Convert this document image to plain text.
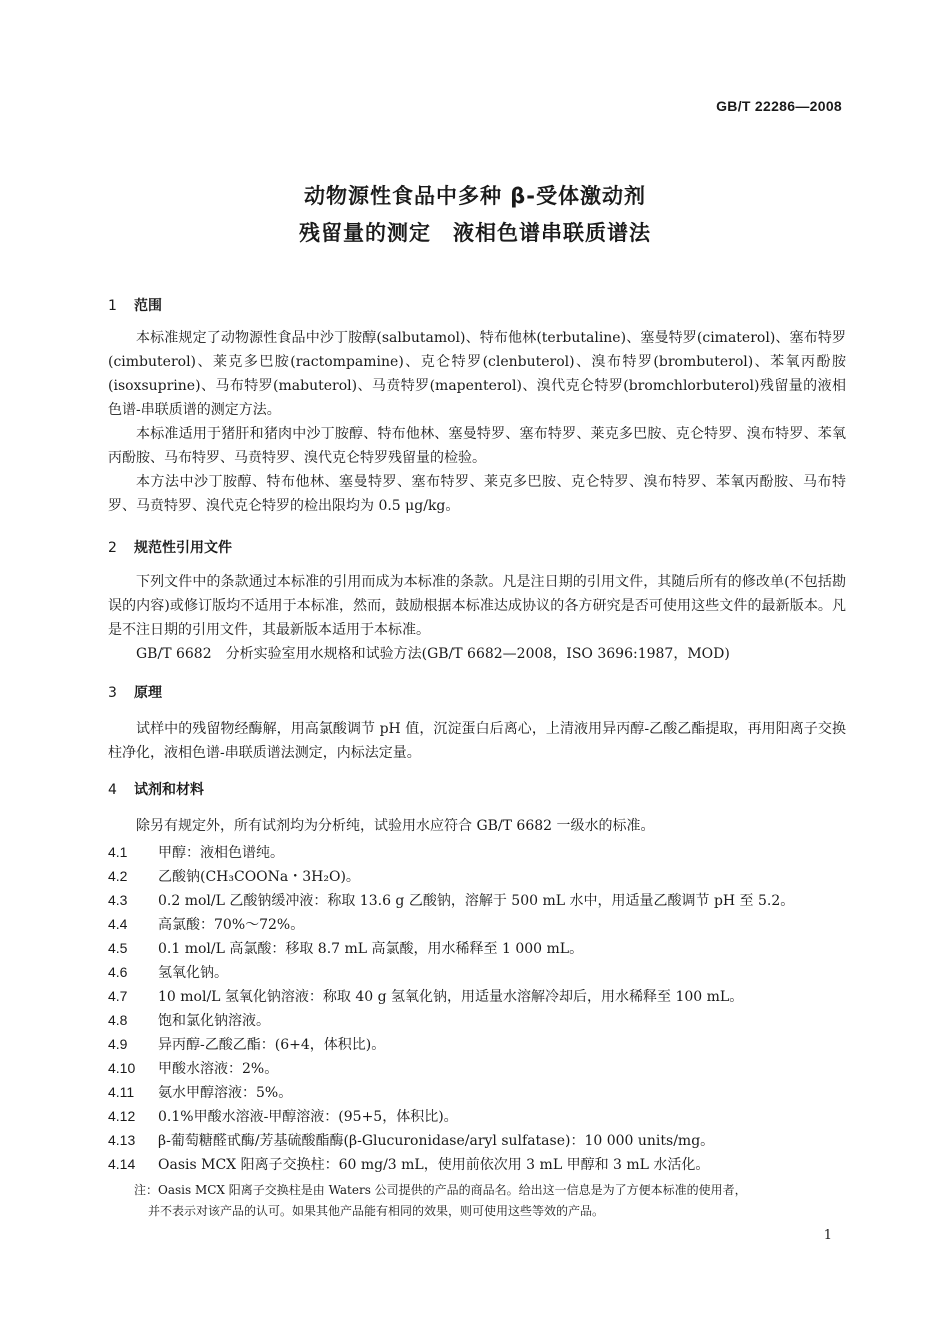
GB/T 22286—2008
动物源性食品中多种 β-受体激动剂
残留量的测定　液相色谱串联质谱法
1 范围

本标准规定了动物源性食品中沙丁胺醇(salbutamol)、特布他林(terbutaline)、塞曼特罗(cimaterol)、塞布特罗(cimbuterol)、莱克多巴胺(ractompamine)、克仑特罗(clenbuterol)、溴布特罗(brombuterol)、苯氧丙酚胺(isoxsuprine)、马布特罗(mabuterol)、马贲特罗(mapenterol)、溴代克仑特罗(bromchlorbuterol)残留量的液相色谱-串联质谱的测定方法。

本标准适用于猪肝和猪肉中沙丁胺醇、特布他林、塞曼特罗、塞布特罗、莱克多巴胺、克仑特罗、溴布特罗、苯氧丙酚胺、马布特罗、马贲特罗、溴代克仑特罗残留量的检验。

本方法中沙丁胺醇、特布他林、塞曼特罗、塞布特罗、莱克多巴胺、克仑特罗、溴布特罗、苯氧丙酚胺、马布特罗、马贲特罗、溴代克仑特罗的检出限均为 0.5 μg/kg。

2 规范性引用文件

下列文件中的条款通过本标准的引用而成为本标准的条款。凡是注日期的引用文件，其随后所有的修改单(不包括勘误的内容)或修订版均不适用于本标准，然而，鼓励根据本标准达成协议的各方研究是否可使用这些文件的最新版本。凡是不注日期的引用文件，其最新版本适用于本标准。

GB/T 6682　分析实验室用水规格和试验方法(GB/T 6682—2008，ISO 3696:1987，MOD)

3 原理

试样中的残留物经酶解，用高氯酸调节 pH 值，沉淀蛋白后离心，上清液用异丙醇-乙酸乙酯提取，再用阳离子交换柱净化，液相色谱-串联质谱法测定，内标法定量。

4 试剂和材料

除另有规定外，所有试剂均为分析纯，试验用水应符合 GB/T 6682 一级水的标准。

4.1 甲醇：液相色谱纯。
4.2 乙酸钠(CH₃COONa・3H₂O)。
4.3 0.2 mol/L 乙酸钠缓冲液：称取 13.6 g 乙酸钠，溶解于 500 mL 水中，用适量乙酸调节 pH 至 5.2。
4.4 高氯酸：70%～72%。
4.5 0.1 mol/L 高氯酸：移取 8.7 mL 高氯酸，用水稀释至 1 000 mL。
4.6 氢氧化钠。
4.7 10 mol/L 氢氧化钠溶液：称取 40 g 氢氧化钠，用适量水溶解冷却后，用水稀释至 100 mL。
4.8 饱和氯化钠溶液。
4.9 异丙醇-乙酸乙酯：(6+4，体积比)。
4.10 甲酸水溶液：2%。
4.11 氨水甲醇溶液：5%。
4.12 0.1%甲酸水溶液-甲醇溶液：(95+5，体积比)。
4.13 β-葡萄糖醛甙酶/芳基硫酸酯酶(β-Glucuronidase/aryl sulfatase)：10 000 units/mg。
4.14 Oasis MCX 阳离子交换柱：60 mg/3 mL，使用前依次用 3 mL 甲醇和 3 mL 水活化。

注：Oasis MCX 阳离子交换柱是由 Waters 公司提供的产品的商品名。给出这一信息是为了方便本标准的使用者，

并不表示对该产品的认可。如果其他产品能有相同的效果，则可使用这些等效的产品。

1
